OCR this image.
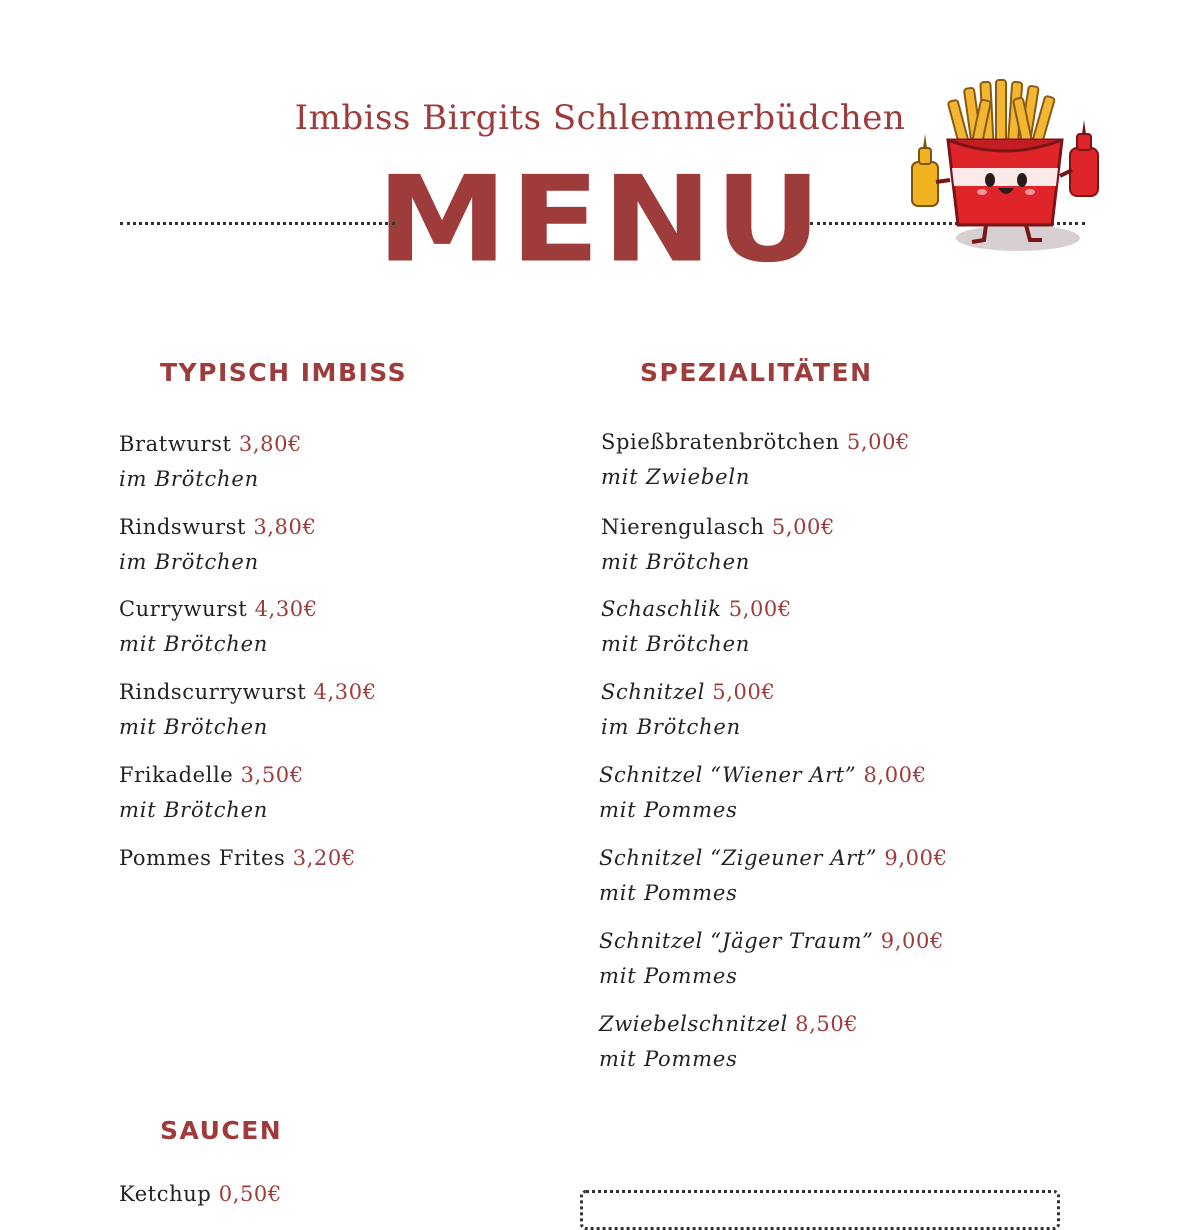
Imbiss Birgits Schlemmerbüdchen
MENU
TYPISCH IMBISS
Bratwurst 3,80€
im Brötchen
Rindswurst 3,80€
im Brötchen
Currywurst 4,30€
mit Brötchen
Rindscurrywurst 4,30€
mit Brötchen
Frikadelle 3,50€
mit Brötchen
Pommes Frites 3,20€
SPEZIALITÄTEN
Spießbratenbrötchen 5,00€
mit Zwiebeln
Nierengulasch 5,00€
mit Brötchen
Schaschlik 5,00€
mit Brötchen
Schnitzel 5,00€
im Brötchen
Schnitzel “Wiener Art” 8,00€
mit Pommes
Schnitzel “Zigeuner Art” 9,00€
mit Pommes
Schnitzel “Jäger Traum” 9,00€
mit Pommes
Zwiebelschnitzel 8,50€
mit Pommes
SAUCEN
Ketchup 0,50€
